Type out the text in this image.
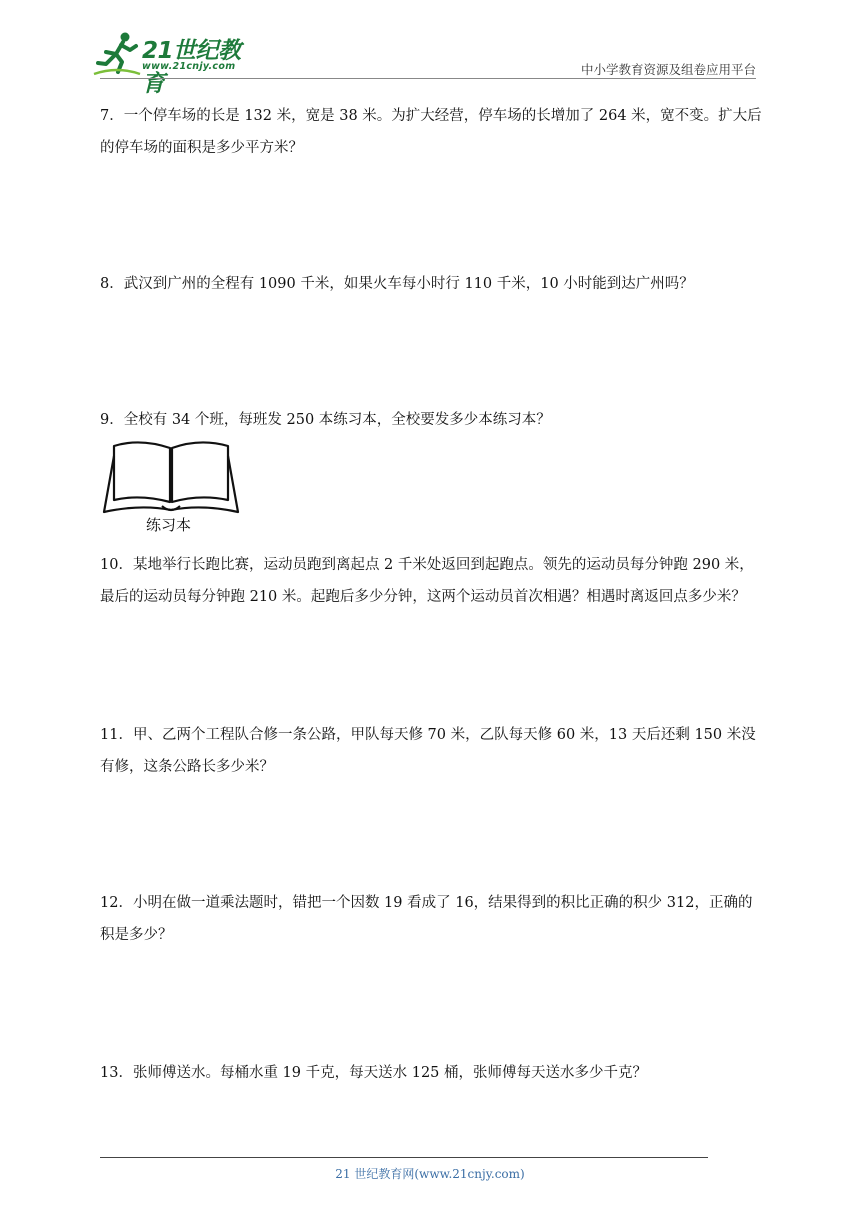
21世纪教育
www.21cnjy.com	中小学教育资源及组卷应用平台

7．一个停车场的长是 132 米，宽是 38 米。为扩大经营，停车场的长增加了 264 米，宽不变。扩大后

的停车场的面积是多少平方米？

8．武汉到广州的全程有 1090 千米，如果火车每小时行 110 千米，10 小时能到达广州吗？

9．全校有 34 个班，每班发 250 本练习本，全校要发多少本练习本？

练习本

10．某地举行长跑比赛，运动员跑到离起点 2 千米处返回到起跑点。领先的运动员每分钟跑 290 米，

最后的运动员每分钟跑 210 米。起跑后多少分钟，这两个运动员首次相遇？相遇时离返回点多少米？

11．甲、乙两个工程队合修一条公路，甲队每天修 70 米，乙队每天修 60 米，13 天后还剩 150 米没

有修，这条公路长多少米？

12．小明在做一道乘法题时，错把一个因数 19 看成了 16，结果得到的积比正确的积少 312，正确的

积是多少？

13．张师傅送水。每桶水重 19 千克，每天送水 125 桶，张师傅每天送水多少千克？

21 世纪教育网(www.21cnjy.com)
